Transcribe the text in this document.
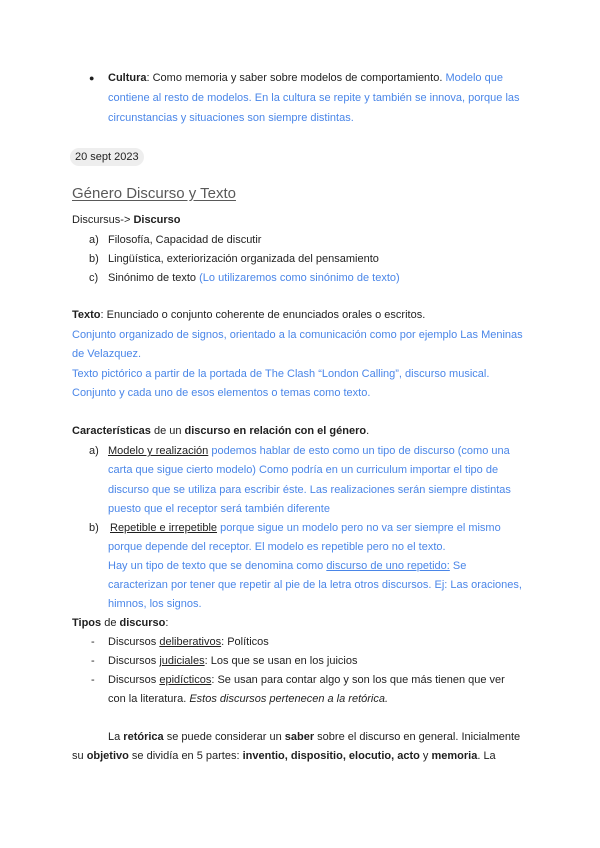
● Cultura: Como memoria y saber sobre modelos de comportamiento. Modelo que
contiene al resto de modelos. En la cultura se repite y también se innova, porque las
circunstancias y situaciones son siempre distintas.
20 sept 2023
Género Discurso y Texto
Discursus-> Discurso
a) Filosofía, Capacidad de discutir
b) Lingüística, exteriorización organizada del pensamiento
c) Sinónimo de texto (Lo utilizaremos como sinónimo de texto)
Texto: Enunciado o conjunto coherente de enunciados orales o escritos.
Conjunto organizado de signos, orientado a la comunicación como por ejemplo Las Meninas
de Velazquez.
Texto pictórico a partir de la portada de The Clash “London Calling”, discurso musical.
Conjunto y cada uno de esos elementos o temas como texto.
Características de un discurso en relación con el género.
a) Modelo y realización podemos hablar de esto como un tipo de discurso (como una
carta que sigue cierto modelo) Como podría en un curriculum importar el tipo de
discurso que se utiliza para escribir éste. Las realizaciones serán siempre distintas
puesto que el receptor será también diferente
b) Repetible e irrepetible porque sigue un modelo pero no va ser siempre el mismo
porque depende del receptor. El modelo es repetible pero no el texto.
Hay un tipo de texto que se denomina como discurso de uno repetido: Se
caracterizan por tener que repetir al pie de la letra otros discursos. Ej: Las oraciones,
himnos, los signos.
Tipos de discurso:
- Discursos deliberativos: Políticos
- Discursos judiciales: Los que se usan en los juicios
- Discursos epidícticos: Se usan para contar algo y son los que más tienen que ver
con la literatura. Estos discursos pertenecen a la retórica.
La retórica se puede considerar un saber sobre el discurso en general. Inicialmente
su objetivo se dividía en 5 partes: inventio, dispositio, elocutio, acto y memoria. La
